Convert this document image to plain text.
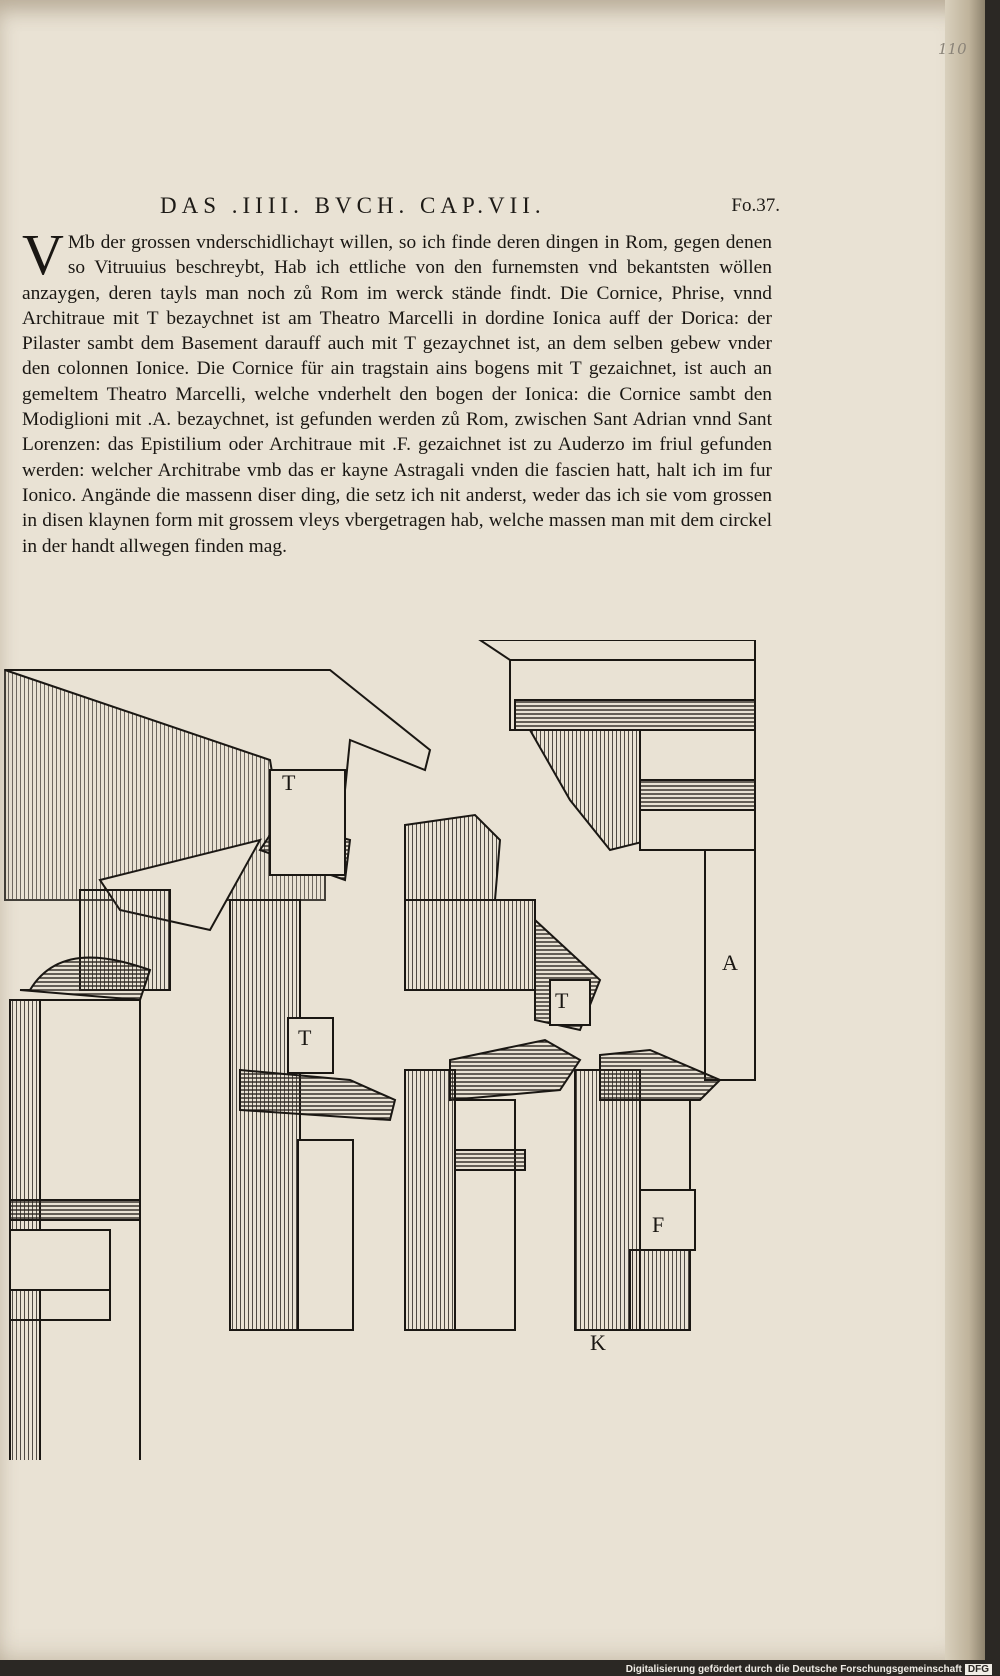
110
DAS .IIII. BVCH. CAP.VII.	Fo.37.
V Mb der grossen vnderschidlichayt willen, so ich finde deren dingen in Rom, gegen denen so Vitruuius beschreybt, Hab ich ettliche von den furnemsten vnd bekantsten wöllen anzaygen, deren tayls man noch zů Rom im werck stände findt. Die Cornice, Phrise, vnnd Architraue mit T bezaychnet ist am Theatro Marcelli in dordine Ionica auff der Dorica: der Pilaster sambt dem Basement darauff auch mit T gezaychnet ist, an dem selben gebew vnder den colonnen Ionice. Die Cornice für ain tragstain ains bogens mit T gezaichnet, ist auch an gemeltem Theatro Marcelli, welche vnderhelt den bogen der Ionica: die Cornice sambt den Modiglioni mit .A. bezaychnet, ist gefunden werden zů Rom, zwischen Sant Adrian vnnd Sant Lorenzen: das Epistilium oder Architraue mit .F. gezaichnet ist zu Auderzo im friul gefunden werden: welcher Architrabe vmb das er kayne Astragali vnden die fascien hatt, halt ich im fur Ionico. Angände die massenn diser ding, die setz ich nit anderst, weder das ich sie vom grossen in disen klaynen form mit grossem vleys vbergetragen hab, welche massen man mit dem circkel in der handt allwegen finden mag.
T
T
T
A
F
K
Digitalisierung gefördert durch die Deutsche Forschungsgemeinschaft DFG
